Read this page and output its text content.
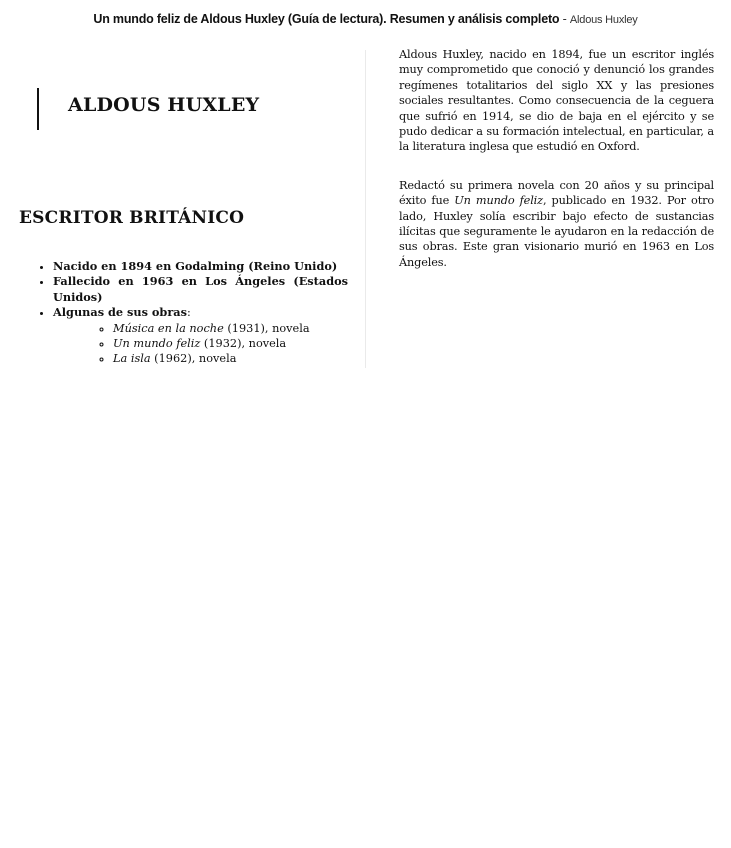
Un mundo feliz de Aldous Huxley (Guía de lectura). Resumen y análisis completo - Aldous Huxley
ALDOUS HUXLEY
ESCRITOR BRITÁNICO
• Nacido en 1894 en Godalming (Reino Unido)
• Fallecido en 1963 en Los Ángeles (Estados Unidos)
• Algunas de sus obras:
◦ Música en la noche (1931), novela
◦ Un mundo feliz (1932), novela
◦ La isla (1962), novela

Aldous Huxley, nacido en 1894, fue un escritor inglés muy comprometido que conoció y denunció los grandes regímenes totalitarios del siglo XX y las presiones sociales resultantes. Como consecuencia de la ceguera que sufrió en 1914, se dio de baja en el ejército y se pudo dedicar a su formación intelectual, en particular, a la literatura inglesa que estudió en Oxford.

Redactó su primera novela con 20 años y su principal éxito fue Un mundo feliz, publicado en 1932. Por otro lado, Huxley solía escribir bajo efecto de sustancias ilícitas que seguramente le ayudaron en la redacción de sus obras. Este gran visionario murió en 1963 en Los Ángeles.
